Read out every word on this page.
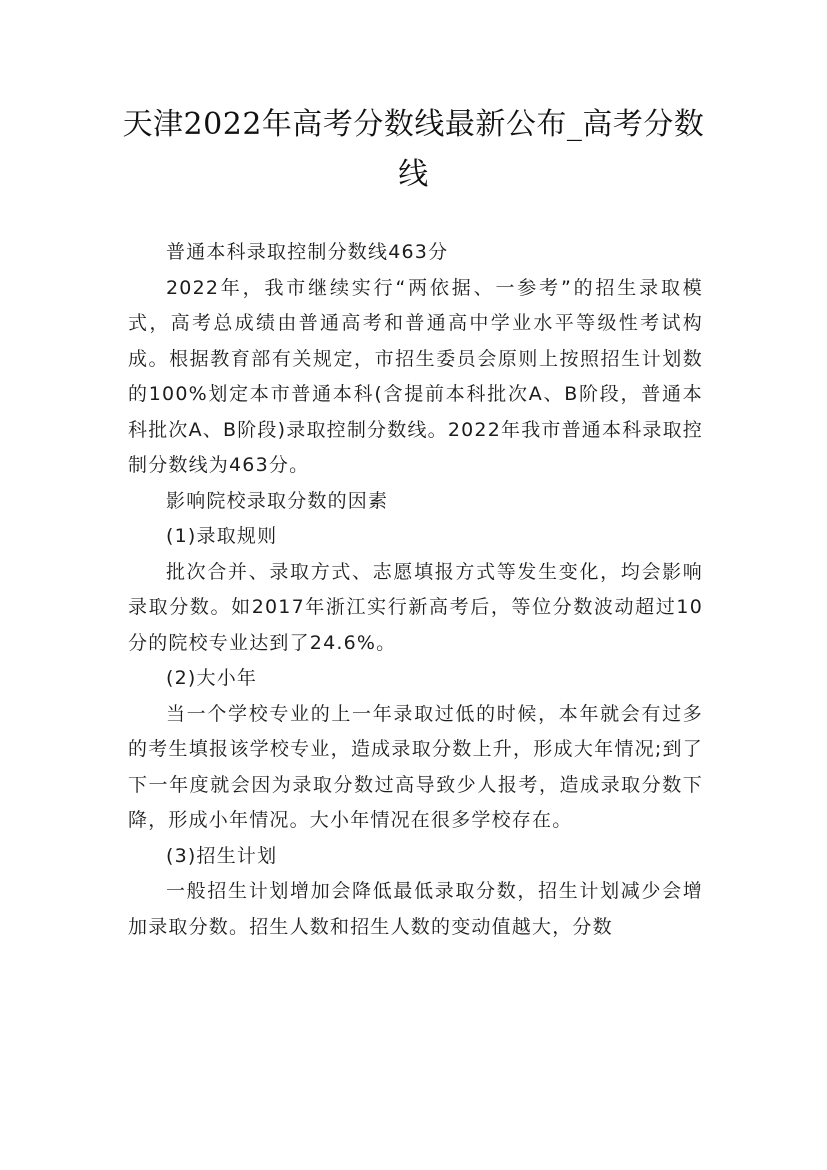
天津2022年高考分数线最新公布_高考分数线

普通本科录取控制分数线463分

2022年，我市继续实行“两依据、一参考”的招生录取模式，高考总成绩由普通高考和普通高中学业水平等级性考试构成。根据教育部有关规定，市招生委员会原则上按照招生计划数的100%划定本市普通本科(含提前本科批次A、B阶段，普通本科批次A、B阶段)录取控制分数线。2022年我市普通本科录取控制分数线为463分。

影响院校录取分数的因素

(1)录取规则

批次合并、录取方式、志愿填报方式等发生变化，均会影响录取分数。如2017年浙江实行新高考后，等位分数波动超过10分的院校专业达到了24.6%。

(2)大小年

当一个学校专业的上一年录取过低的时候，本年就会有过多的考生填报该学校专业，造成录取分数上升，形成大年情况;到了下一年度就会因为录取分数过高导致少人报考，造成录取分数下降，形成小年情况。大小年情况在很多学校存在。

(3)招生计划

一般招生计划增加会降低最低录取分数，招生计划减少会增加录取分数。招生人数和招生人数的变动值越大，分数
